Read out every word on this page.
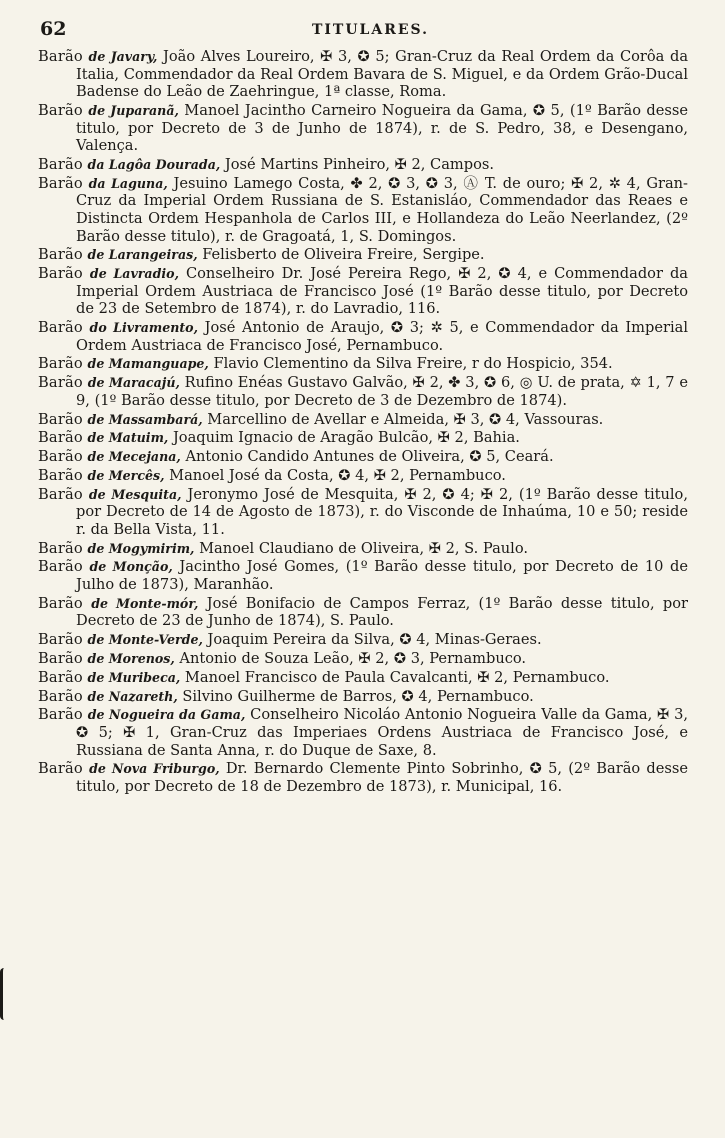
62	TITULARES.

Barão de Javary, João Alves Loureiro, ✠ 3, ✪ 5; Gran-Cruz da Real Ordem da Corôa da Italia, Commendador da Real Ordem Bavara de S. Miguel, e da Ordem Grão-Ducal Badense do Leão de Zaehringue, 1ª classe, Roma.

Barão de Juparanã, Manoel Jacintho Carneiro Nogueira da Gama, ✪ 5, (1º Barão desse titulo, por Decreto de 3 de Junho de 1874), r. de S. Pedro, 38, e Desengano, Valença.

Barão da Lagôa Dourada, José Martins Pinheiro, ✠ 2, Campos.

Barão da Laguna, Jesuino Lamego Costa, ✤ 2, ✪ 3, ✪ 3, Ⓐ T. de ouro; ✠ 2, ✲ 4, Gran-Cruz da Imperial Ordem Russiana de S. Estanisláo, Commendador das Reaes e Distincta Ordem Hespanhola de Carlos III, e Hollandeza do Leão Neerlandez, (2º Barão desse titulo), r. de Gragoatá, 1, S. Domingos.

Barão de Larangeiras, Felisberto de Oliveira Freire, Sergipe.

Barão de Lavradio, Conselheiro Dr. José Pereira Rego, ✠ 2, ✪ 4, e Commendador da Imperial Ordem Austriaca de Francisco José (1º Barão desse titulo, por Decreto de 23 de Setembro de 1874), r. do Lavradio, 116.

Barão do Livramento, José Antonio de Araujo, ✪ 3; ✲ 5, e Commendador da Imperial Ordem Austriaca de Francisco José, Pernambuco.

Barão de Mamanguape, Flavio Clementino da Silva Freire, r do Hospicio, 354.

Barão de Maracajú, Rufino Enéas Gustavo Galvão, ✠ 2, ✤ 3, ✪ 6, ◎ U. de prata, ✡ 1, 7 e 9, (1º Barão desse titulo, por Decreto de 3 de Dezembro de 1874).

Barão de Massambará, Marcellino de Avellar e Almeida, ✠ 3, ✪ 4, Vassouras.

Barão de Matuim, Joaquim Ignacio de Aragão Bulcão, ✠ 2, Bahia.

Barão de Mecejana, Antonio Candido Antunes de Oliveira, ✪ 5, Ceará.

Barão de Mercês, Manoel José da Costa, ✪ 4, ✠ 2, Pernambuco.

Barão de Mesquita, Jeronymo José de Mesquita, ✠ 2, ✪ 4; ✠ 2, (1º Barão desse titulo, por Decreto de 14 de Agosto de 1873), r. do Visconde de Inhaúma, 10 e 50; reside r. da Bella Vista, 11.

Barão de Mogymirim, Manoel Claudiano de Oliveira, ✠ 2, S. Paulo.

Barão de Monção, Jacintho José Gomes, (1º Barão desse titulo, por Decreto de 10 de Julho de 1873), Maranhão.

Barão de Monte-mór, José Bonifacio de Campos Ferraz, (1º Barão desse titulo, por Decreto de 23 de Junho de 1874), S. Paulo.

Barão de Monte-Verde, Joaquim Pereira da Silva, ✪ 4, Minas-Geraes.

Barão de Morenos, Antonio de Souza Leão, ✠ 2, ✪ 3, Pernambuco.

Barão de Muribeca, Manoel Francisco de Paula Cavalcanti, ✠ 2, Pernambuco.

Barão de Nazareth, Silvino Guilherme de Barros, ✪ 4, Pernambuco.

Barão de Nogueira da Gama, Conselheiro Nicoláo Antonio Nogueira Valle da Gama, ✠ 3, ✪ 5; ✠ 1, Gran-Cruz das Imperiaes Ordens Austriaca de Francisco José, e Russiana de Santa Anna, r. do Duque de Saxe, 8.

Barão de Nova Friburgo, Dr. Bernardo Clemente Pinto Sobrinho, ✪ 5, (2º Barão desse titulo, por Decreto de 18 de Dezembro de 1873), r. Municipal, 16.
